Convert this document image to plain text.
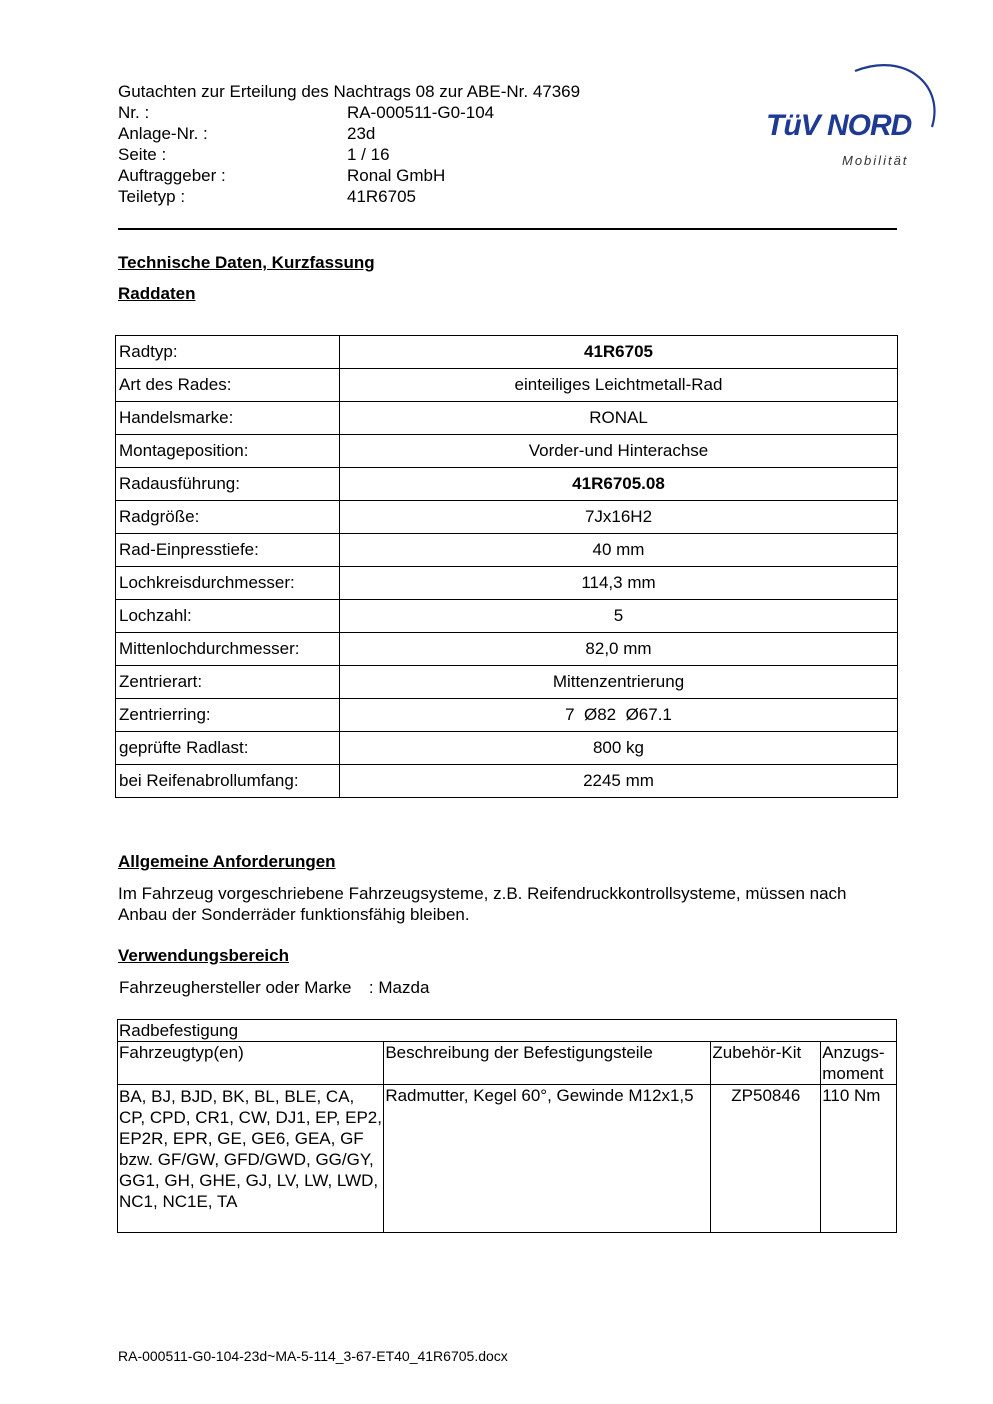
Gutachten zur Erteilung des Nachtrags 08 zur ABE-Nr. 47369
Nr. :	RA-000511-G0-104
Anlage-Nr. :	23d
Seite :	1 / 16
Auftraggeber :	Ronal GmbH
Teiletyp :	41R6705
TüV NORD
Mobilität
Technische Daten, Kurzfassung
Raddaten
Radtyp:	41R6705
Art des Rades:	einteiliges Leichtmetall-Rad
Handelsmarke:	RONAL
Montageposition:	Vorder-und Hinterachse
Radausführung:	41R6705.08
Radgröße:	7Jx16H2
Rad-Einpresstiefe:	40 mm
Lochkreisdurchmesser:	114,3 mm
Lochzahl:	5
Mittenlochdurchmesser:	82,0 mm
Zentrierart:	Mittenzentrierung
Zentrierring:	7  Ø82  Ø67.1
geprüfte Radlast:	800 kg
bei Reifenabrollumfang:	2245 mm
Allgemeine Anforderungen
Im Fahrzeug vorgeschriebene Fahrzeugsysteme, z.B. Reifendruckkontrollsysteme, müssen nach Anbau der Sonderräder funktionsfähig bleiben.
Verwendungsbereich
Fahrzeughersteller oder Marke : Mazda
Radbefestigung			
Fahrzeugtyp(en)	Beschreibung der Befestigungsteile	Zubehör-Kit	Anzugs-
moment
BA, BJ, BJD, BK, BL, BLE, CA, CP, CPD, CR1, CW, DJ1, EP, EP2, EP2R, EPR, GE, GE6, GEA, GF bzw. GF/GW, GFD/GWD, GG/GY, GG1, GH, GHE, GJ, LV, LW, LWD, NC1, NC1E, TA	Radmutter, Kegel 60°, Gewinde M12x1,5	ZP50846	110 Nm
RA-000511-G0-104-23d~MA-5-114_3-67-ET40_41R6705.docx
